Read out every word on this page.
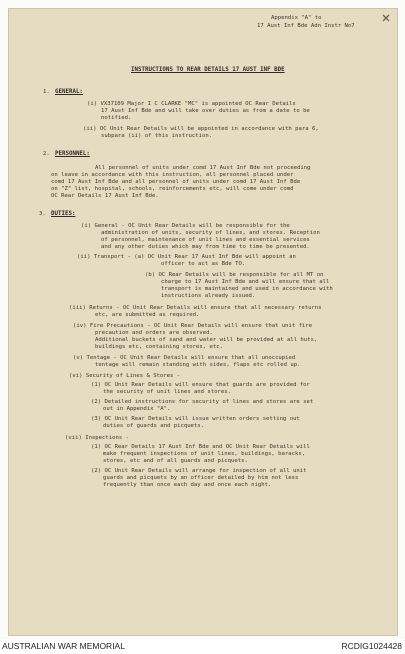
Appendix "A" to
17 Aust Inf Bde Adn Instr No7
INSTRUCTIONS TO REAR DETAILS 17 AUST INF BDE
1. GENERAL:
(i) VX37109 Major I C CLARKE "MC" is appointed OC Rear Details
17 Aust Inf Bde and will take over duties as from a date to be
notified.
(ii) OC Unit Rear Details will be appointed in accordance with para 6,
subpara (ii) of this instruction.
2. PERSONNEL:
All personnel of units under comd 17 Aust Inf Bde not proceeding
on leave in accordance with this instruction, all personnel placed under
comd 17 Aust Inf Bde and all personnel of units under comd 17 Aust Inf Bde
on "Z" list, hospital, schools, reinforcements etc, will come under comd
OC Rear Details 17 Aust Inf Bde.
3. DUTIES:
(i) General - OC Unit Rear Details will be responsible for the
administration of units, security of lines, and stores. Reception
of personnel, maintenance of unit lines and essential services
and any other duties which may from time to time be presented.
(ii) Transport - (a) OC Unit Rear 17 Aust Inf Bde will appoint an
officer to act as Bde TO.
(b) OC Rear Details will be responsible for all MT on
charge to 17 Aust Inf Bde and will ensure that all
transport is maintained and used in accordance with
instructions already issued.
(iii) Returns - OC Unit Rear Details will ensure that all necessary returns
etc, are submitted as required.
(iv) Fire Precautions - OC Unit Rear Details will ensure that unit fire
precaution and orders are observed.
Additional buckets of sand and water will be provided at all huts,
buildings etc, containing stores, etc.
(v) Tentage - OC Unit Rear Details will ensure that all unoccupied
tentage will remain standing with sides, flaps etc rolled up.
(vi) Security of Lines & Stores -
(1) OC Unit Rear Details will ensure that guards are provided for
the security of unit lines and stores.
(2) Detailed instructions for security of lines and stores are set
out in Appendix "A".
(3) OC Unit Rear Details will issue written orders setting out
duties of guards and picquets.
(vii) Inspections -
(1) OC Rear Details 17 Aust Inf Bde and OC Unit Rear Details will
make frequent inspections of unit lines, buildings, baracks,
stores, etc and of all guards and picquets.
(2) OC Unit Rear Details will arrange for inspection of all unit
guards and picquets by an officer detailed by him not less
frequently than once each day and once each night.
AUSTRALIAN WAR MEMORIAL	RCDIG1024428
